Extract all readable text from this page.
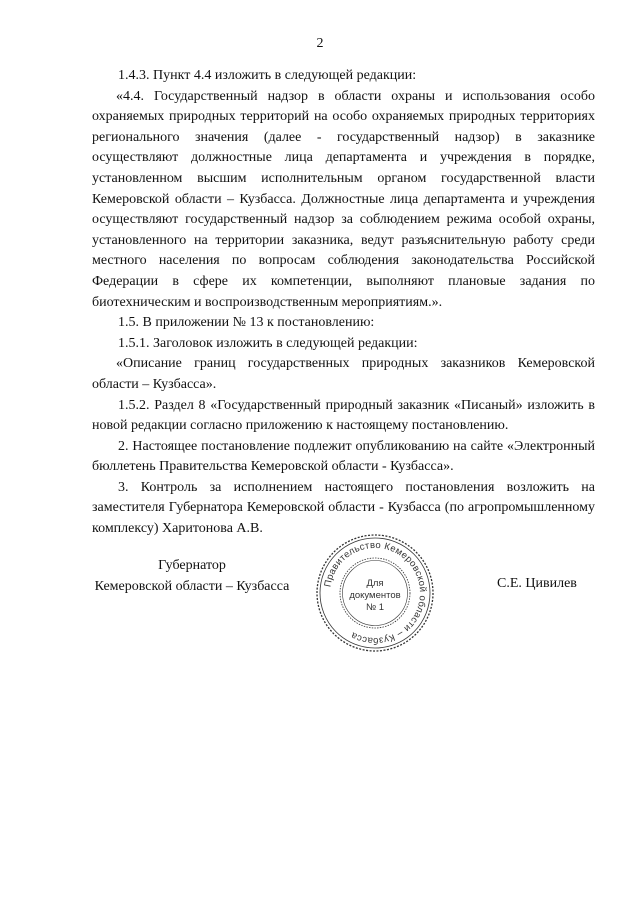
2

1.4.3. Пункт 4.4 изложить в следующей редакции:

«4.4. Государственный надзор в области охраны и использования особо охраняемых природных территорий на особо охраняемых природных территориях регионального значения (далее - государственный надзор) в заказнике осуществляют должностные лица департамента и учреждения в порядке, установленном высшим исполнительным органом государственной власти Кемеровской области – Кузбасса. Должностные лица департамента и учреждения осуществляют государственный надзор за соблюдением режима особой охраны, установленного на территории заказника, ведут разъяснительную работу среди местного населения по вопросам соблюдения законодательства Российской Федерации в сфере их компетенции, выполняют плановые задания по биотехническим и воспроизводственным мероприятиям.».

1.5. В приложении № 13 к постановлению:

1.5.1. Заголовок изложить в следующей редакции:

«Описание границ государственных природных заказников Кемеровской области – Кузбасса».

1.5.2. Раздел 8 «Государственный природный заказник «Писаный» изложить в новой редакции согласно приложению к настоящему постановлению.

2. Настоящее постановление подлежит опубликованию на сайте «Электронный бюллетень Правительства Кемеровской области - Кузбасса».

3. Контроль за исполнением настоящего постановления возложить на заместителя Губернатора Кемеровской области - Кузбасса (по агропромышленному комплексу) Харитонова А.В.

Губернатор
Кемеровской области – Кузбасса	Правительство Кемеровской области – Кузбасса
Для
документов
№ 1
С.Е. Цивилев
